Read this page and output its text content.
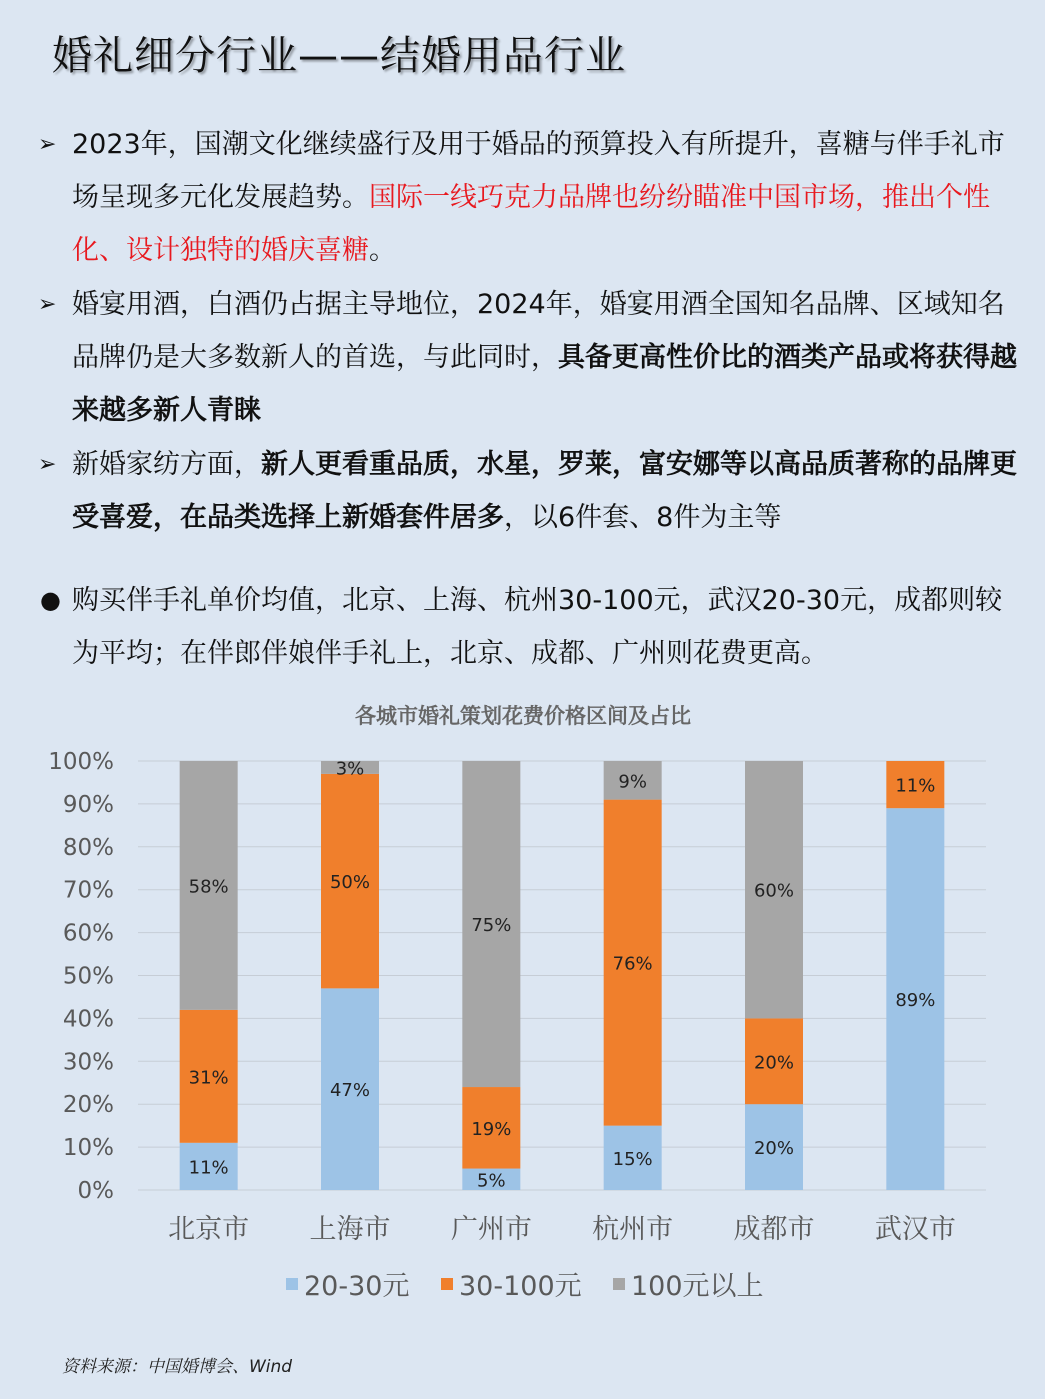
婚礼细分行业——结婚用品行业
➢ 2023年，国潮文化继续盛行及用于婚品的预算投入有所提升，喜糖与伴手礼市场呈现多元化发展趋势。国际一线巧克力品牌也纷纷瞄准中国市场，推出个性化、设计独特的婚庆喜糖。
➢ 婚宴用酒，白酒仍占据主导地位，2024年，婚宴用酒全国知名品牌、区域知名品牌仍是大多数新人的首选，与此同时，具备更高性价比的酒类产品或将获得越来越多新人青睐
➢ 新婚家纺方面，新人更看重品质，水星，罗莱，富安娜等以高品质著称的品牌更受喜爱，在品类选择上新婚套件居多，以6件套、8件为主等
● 购买伴手礼单价均值，北京、上海、杭州30-100元，武汉20-30元，成都则较为平均；在伴郎伴娘伴手礼上，北京、成都、广州则花费更高。
各城市婚礼策划花费价格区间及占比
0%
10%
20%
30%
40%
50%
60%
70%
80%
90%
100%
11%
31%
58%
北京市
47%
50%
3%
上海市
5%
19%
75%
广州市
15%
76%
9%
杭州市
20%
20%
60%
成都市
89%
11%
武汉市
20-30元 30-100元 100元以上
资料来源：中国婚博会、Wind
